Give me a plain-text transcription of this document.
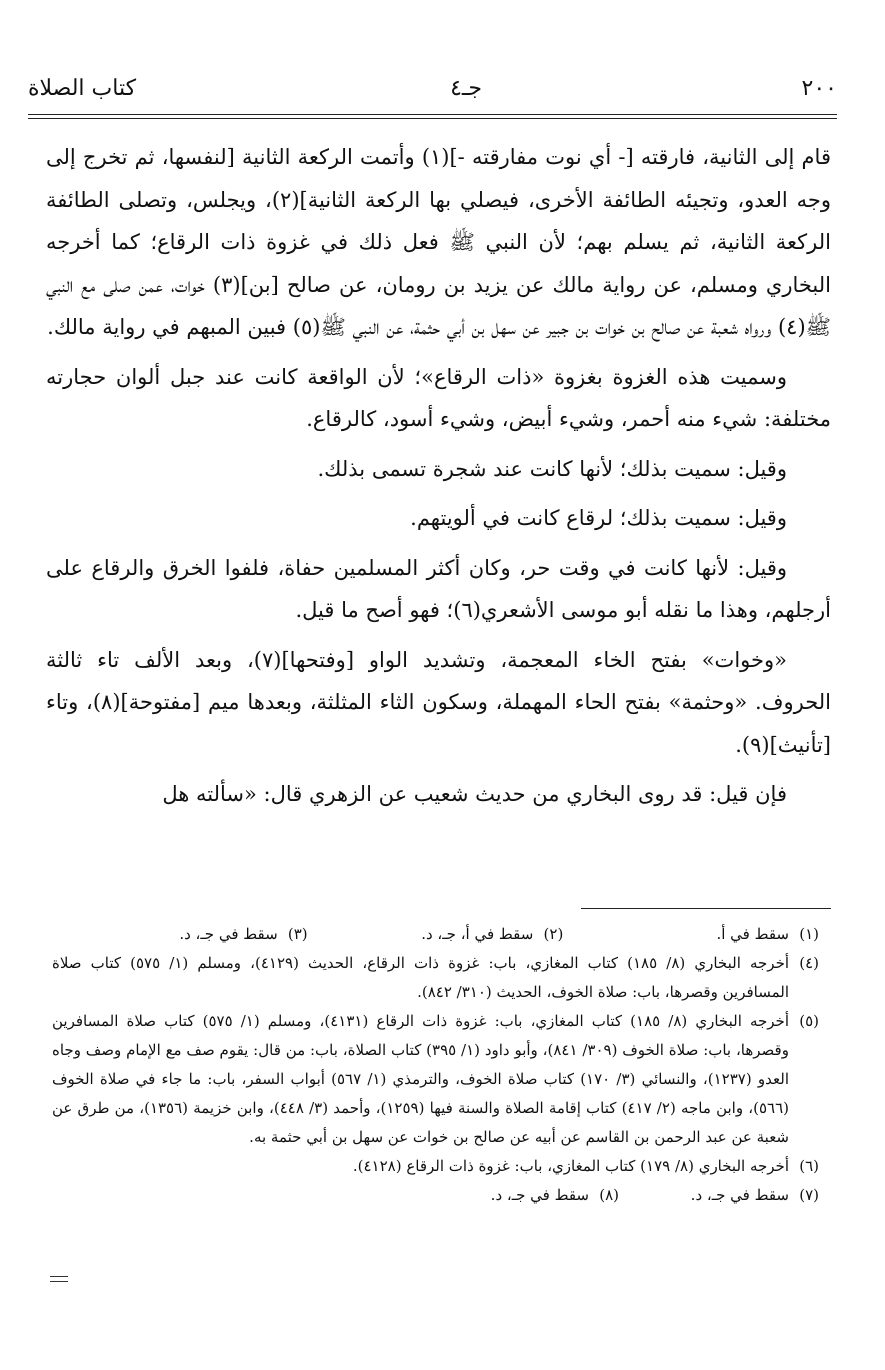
٢٠٠
جـ٤
كتاب الصلاة

قام إلى الثانية، فارقته [- أي نوت مفارقته -](١) وأتمت الركعة الثانية [لنفسها، ثم تخرج إلى وجه العدو، وتجيئه الطائفة الأخرى، فيصلي بها الركعة الثانية](٢)، ويجلس، وتصلى الطائفة الركعة الثانية، ثم يسلم بهم؛ لأن النبي ﷺ فعل ذلك في غزوة ذات الرقاع؛ كما أخرجه البخاري ومسلم، عن رواية مالك عن يزيد بن رومان، عن صالح [بن](٣) خوات، عمن صلى مع النبي ﷺ(٤) ورواه شعبة عن صالح بن خوات بن جبير عن سهل بن أبي حثمة، عن النبي ﷺ(٥) فبين المبهم في رواية مالك.

وسميت هذه الغزوة بغزوة «ذات الرقاع»؛ لأن الواقعة كانت عند جبل ألوان حجارته مختلفة: شيء منه أحمر، وشيء أبيض، وشيء أسود، كالرقاع.

وقيل: سميت بذلك؛ لأنها كانت عند شجرة تسمى بذلك.

وقيل: سميت بذلك؛ لرقاع كانت في ألويتهم.

وقيل: لأنها كانت في وقت حر، وكان أكثر المسلمين حفاة، فلفوا الخرق والرقاع على أرجلهم، وهذا ما نقله أبو موسى الأشعري(٦)؛ فهو أصح ما قيل.

«وخوات» بفتح الخاء المعجمة، وتشديد الواو [وفتحها](٧)، وبعد الألف تاء ثالثة الحروف. «وحثمة» بفتح الحاء المهملة، وسكون الثاء المثلثة، وبعدها ميم [مفتوحة](٨)، وتاء [تأنيث](٩).

فإن قيل: قد روى البخاري من حديث شعيب عن الزهري قال: «سألته هل

(١)
سقط في أ.
(٢)
سقط في أ، جـ، د.
(٣)
سقط في جـ، د.
(٤)
أخرجه البخاري (٨/ ١٨٥) كتاب المغازي، باب: غزوة ذات الرقاع، الحديث (٤١٢٩)، ومسلم (١/ ٥٧٥) كتاب صلاة المسافرين وقصرها، باب: صلاة الخوف، الحديث (٣١٠/ ٨٤٢).
(٥)
أخرجه البخاري (٨/ ١٨٥) كتاب المغازي، باب: غزوة ذات الرقاع (٤١٣١)، ومسلم (١/ ٥٧٥) كتاب صلاة المسافرين وقصرها، باب: صلاة الخوف (٣٠٩/ ٨٤١)، وأبو داود (١/ ٣٩٥) كتاب الصلاة، باب: من قال: يقوم صف مع الإمام وصف وجاه العدو (١٢٣٧)، والنسائي (٣/ ١٧٠) كتاب صلاة الخوف، والترمذي (١/ ٥٦٧) أبواب السفر، باب: ما جاء في صلاة الخوف (٥٦٦)، وابن ماجه (٢/ ٤١٧) كتاب إقامة الصلاة والسنة فيها (١٢٥٩)، وأحمد (٣/ ٤٤٨)، وابن خزيمة (١٣٥٦)، من طرق عن شعبة عن عبد الرحمن بن القاسم عن أبيه عن صالح بن خوات عن سهل بن أبي حثمة به.
(٦)
أخرجه البخاري (٨/ ١٧٩) كتاب المغازي، باب: غزوة ذات الرقاع (٤١٢٨).
(٧)
سقط في جـ، د.
(٨)
سقط في جـ، د.
